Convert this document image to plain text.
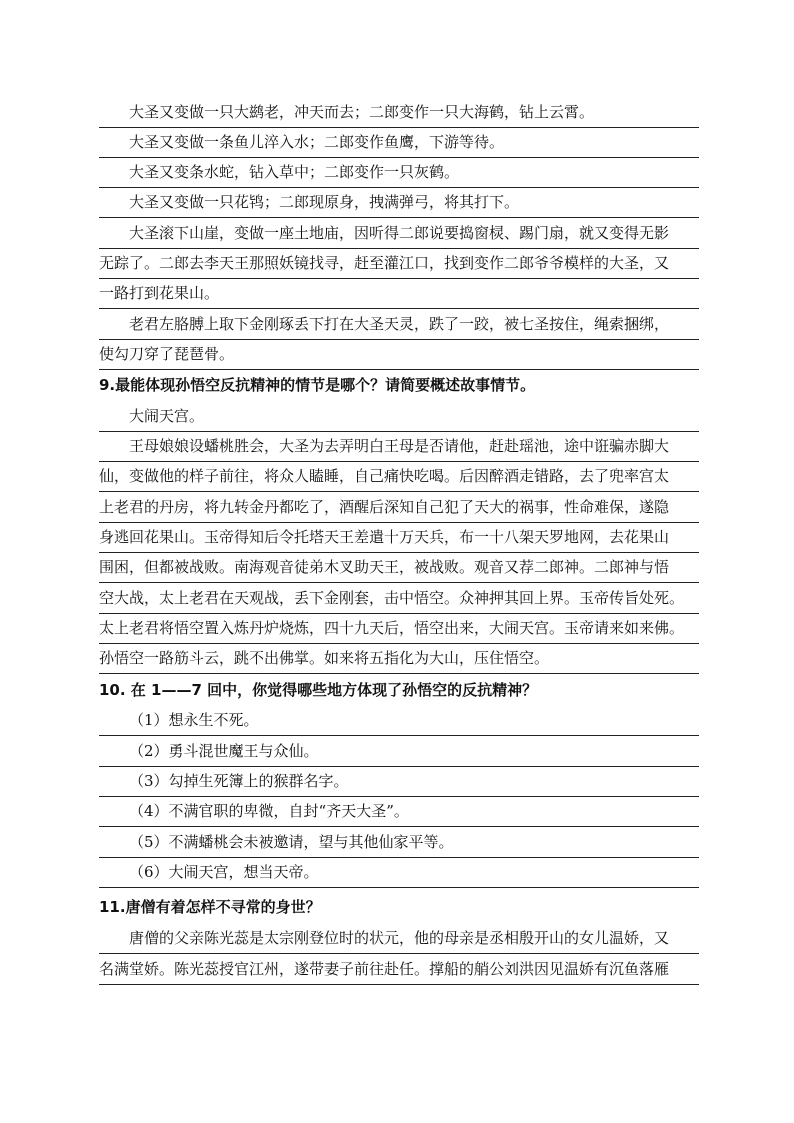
大圣又变做一只大鹚老，冲天而去；二郎变作一只大海鹤，钻上云霄。
大圣又变做一条鱼儿淬入水；二郎变作鱼鹰，下游等待。
大圣又变条水蛇，钻入草中；二郎变作一只灰鹤。
大圣又变做一只花鸨；二郎现原身，拽满弹弓，将其打下。
大圣滚下山崖，变做一座土地庙，因听得二郎说要捣窗棂、踢门扇，就又变得无影
无踪了。二郎去李天王那照妖镜找寻，赶至灌江口，找到变作二郎爷爷模样的大圣，又
一路打到花果山。
老君左胳膊上取下金刚琢丢下打在大圣天灵，跌了一跤，被七圣按住，绳索捆绑，
使勾刀穿了琵琶骨。
9.最能体现孙悟空反抗精神的情节是哪个？请简要概述故事情节。
大闹天宫。
王母娘娘设蟠桃胜会，大圣为去弄明白王母是否请他，赶赴瑶池，途中诳骗赤脚大
仙，变做他的样子前往，将众人瞌睡，自己痛快吃喝。后因醉酒走错路，去了兜率宫太
上老君的丹房，将九转金丹都吃了，酒醒后深知自己犯了天大的祸事，性命难保，遂隐
身逃回花果山。玉帝得知后令托塔天王差遣十万天兵，布一十八架天罗地网，去花果山
围困，但都被战败。南海观音徒弟木叉助天王，被战败。观音又荐二郎神。二郎神与悟
空大战，太上老君在天观战，丢下金刚套，击中悟空。众神押其回上界。玉帝传旨处死。
太上老君将悟空置入炼丹炉烧炼，四十九天后，悟空出来，大闹天宫。玉帝请来如来佛。
孙悟空一路筋斗云，跳不出佛掌。如来将五指化为大山，压住悟空。
10. 在 1——7 回中，你觉得哪些地方体现了孙悟空的反抗精神？
（1）想永生不死。
（2）勇斗混世魔王与众仙。
（3）勾掉生死簿上的猴群名字。
（4）不满官职的卑微，自封“齐天大圣”。
（5）不满蟠桃会未被邀请，望与其他仙家平等。
（6）大闹天宫，想当天帝。
11.唐僧有着怎样不寻常的身世？
唐僧的父亲陈光蕊是太宗刚登位时的状元，他的母亲是丞相殷开山的女儿温娇，又
名满堂娇。陈光蕊授官江州，遂带妻子前往赴任。撑船的艄公刘洪因见温娇有沉鱼落雁
